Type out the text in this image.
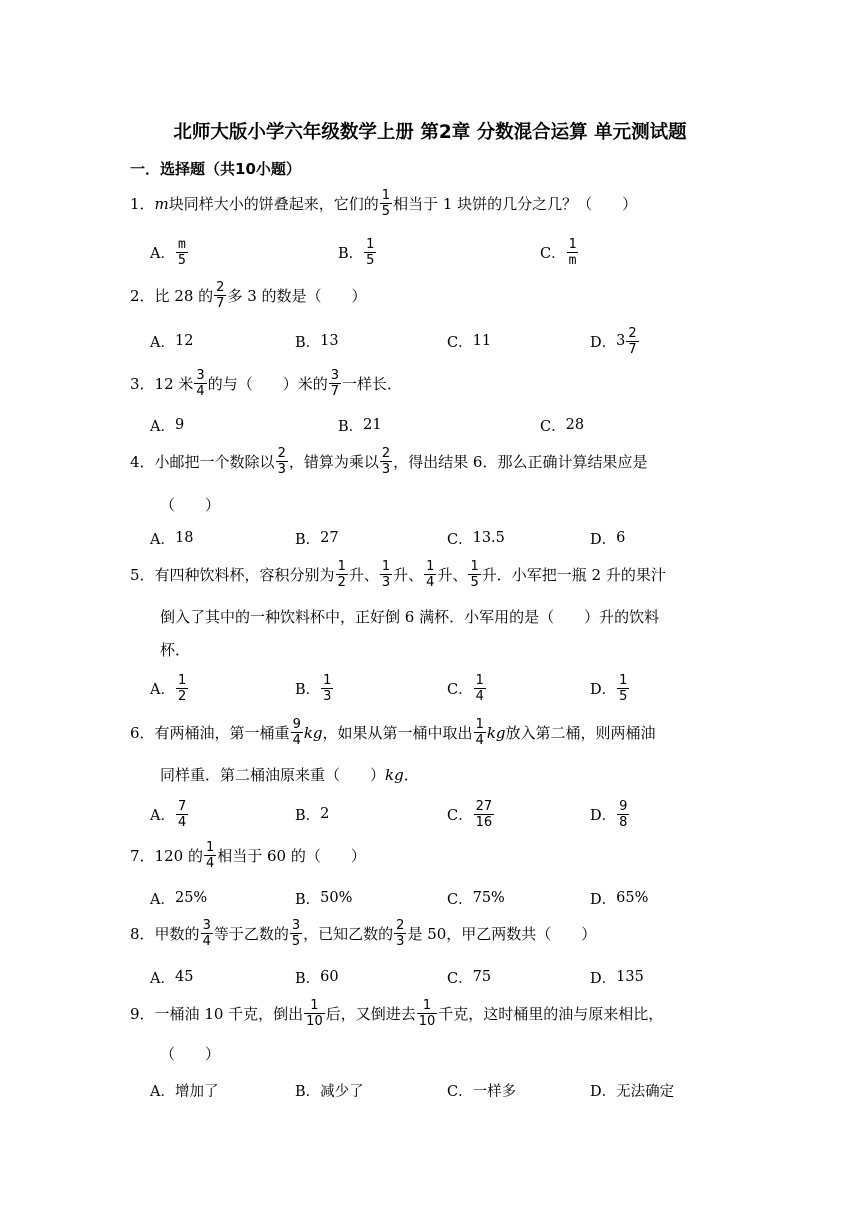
北师大版小学六年级数学上册 第2章 分数混合运算 单元测试题
一．选择题（共10小题）
1． m 块同样大小的饼叠起来，它们的 $\frac{1}{5}$ 相当于 1 块饼的几分之几？（　　）
A． $\frac{m}{5}$	B． $\frac{1}{5}$	C． $\frac{1}{m}$
2． 比 28 的 $\frac{2}{7}$ 多 3 的数是（　　）
A． 12	B． 13	C． 11	D． $3 \frac{2}{7}$
3． 12 米 $\frac{3}{4}$ 的与（　　）米的 $\frac{3}{7}$ 一样长．
A． 9	B． 21	C． 28
4． 小邮把一个数除以 $\frac{2}{3}$ ，错算为乘以 $\frac{2}{3}$ ，得出结果 6．那么正确计算结果应是
（　　）
A． 18	B． 27	C． 13.5	D． 6
5． 有四种饮料杯，容积分别为 $\frac{1}{2}$ 升、 $\frac{1}{3}$ 升、 $\frac{1}{4}$ 升、 $\frac{1}{5}$ 升．小军把一瓶 2 升的果汁
倒入了其中的一种饮料杯中，正好倒 6 满杯．小军用的是（　　）升的饮料
杯．
A． $\frac{1}{2}$	B． $\frac{1}{3}$	C． $\frac{1}{4}$	D． $\frac{1}{5}$
6． 有两桶油，第一桶重 $\frac{9}{4}$ kg ，如果从第一桶中取出 $\frac{1}{4}$ kg 放入第二桶，则两桶油
同样重．第二桶油原来重（　　） kg ．
A． $\frac{7}{4}$	B． 2	C． $\frac{27}{16}$	D． $\frac{9}{8}$
7． 120 的 $\frac{1}{4}$ 相当于 60 的（　　）
A． 25%	B． 50%	C． 75%	D． 65%
8． 甲数的 $\frac{3}{4}$ 等于乙数的 $\frac{3}{5}$ ，已知乙数的 $\frac{2}{3}$ 是 50，甲乙两数共（　　）
A． 45	B． 60	C． 75	D． 135
9． 一桶油 10 千克，倒出 $\frac{1}{10}$ 后，又倒进去 $\frac{1}{10}$ 千克，这时桶里的油与原来相比，
（　　）
A． 增加了	B． 减少了	C． 一样多	D． 无法确定
